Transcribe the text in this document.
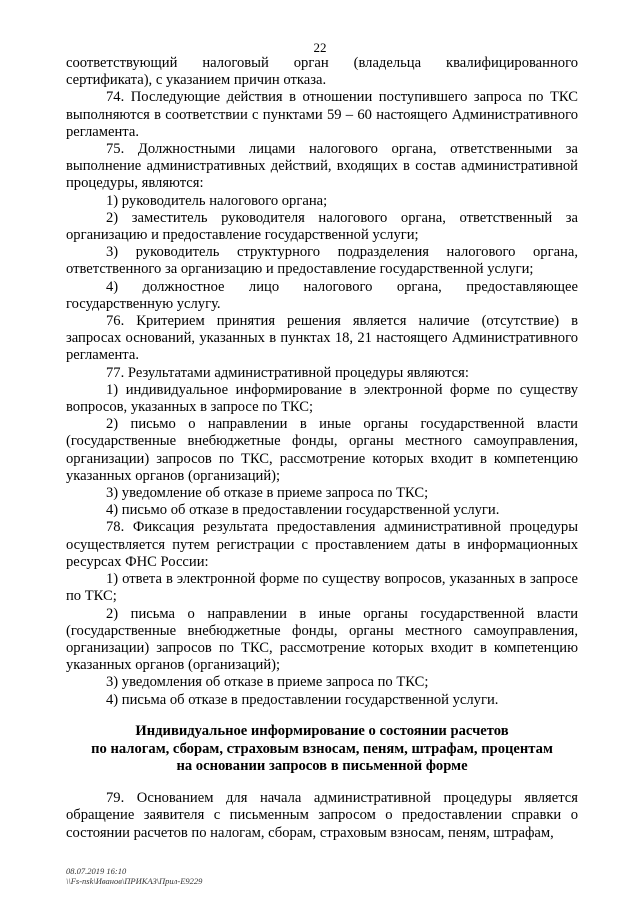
22

соответствующий налоговый орган (владельца квалифицированного сертификата), с указанием причин отказа.

74. Последующие действия в отношении поступившего запроса по ТКС выполняются в соответствии с пунктами 59 – 60 настоящего Административного регламента.

75. Должностными лицами налогового органа, ответственными за выполнение административных действий, входящих в состав административной процедуры, являются:

1) руководитель налогового органа;

2) заместитель руководителя налогового органа, ответственный за организацию и предоставление государственной услуги;

3) руководитель структурного подразделения налогового органа, ответственного за организацию и предоставление государственной услуги;

4) должностное лицо налогового органа, предоставляющее государственную услугу.

76. Критерием принятия решения является наличие (отсутствие) в запросах оснований, указанных в пунктах 18, 21 настоящего Административного регламента.

77. Результатами административной процедуры являются:

1) индивидуальное информирование в электронной форме по существу вопросов, указанных в запросе по ТКС;

2) письмо о направлении в иные органы государственной власти (государственные внебюджетные фонды, органы местного самоуправления, организации) запросов по ТКС, рассмотрение которых входит в компетенцию указанных органов (организаций);

3) уведомление об отказе в приеме запроса по ТКС;

4) письмо об отказе в предоставлении государственной услуги.

78. Фиксация результата предоставления административной процедуры осуществляется путем регистрации с проставлением даты в информационных ресурсах ФНС России:

1) ответа в электронной форме по существу вопросов, указанных в запросе по ТКС;

2) письма о направлении в иные органы государственной власти (государственные внебюджетные фонды, органы местного самоуправления, организации) запросов по ТКС, рассмотрение которых входит в компетенцию указанных органов (организаций);

3) уведомления об отказе в приеме запроса по ТКС;

4) письма об отказе в предоставлении государственной услуги.

Индивидуальное информирование о состоянии расчетов
по налогам, сборам, страховым взносам, пеням, штрафам, процентам
на основании запросов в письменной форме

79. Основанием для начала административной процедуры является обращение заявителя с письменным запросом о предоставлении справки о состоянии расчетов по налогам, сборам, страховым взносам, пеням, штрафам,

08.07.2019 16:10
\\Fs-nsk\Иванов\ПРИКАЗ\Прил-E9229
